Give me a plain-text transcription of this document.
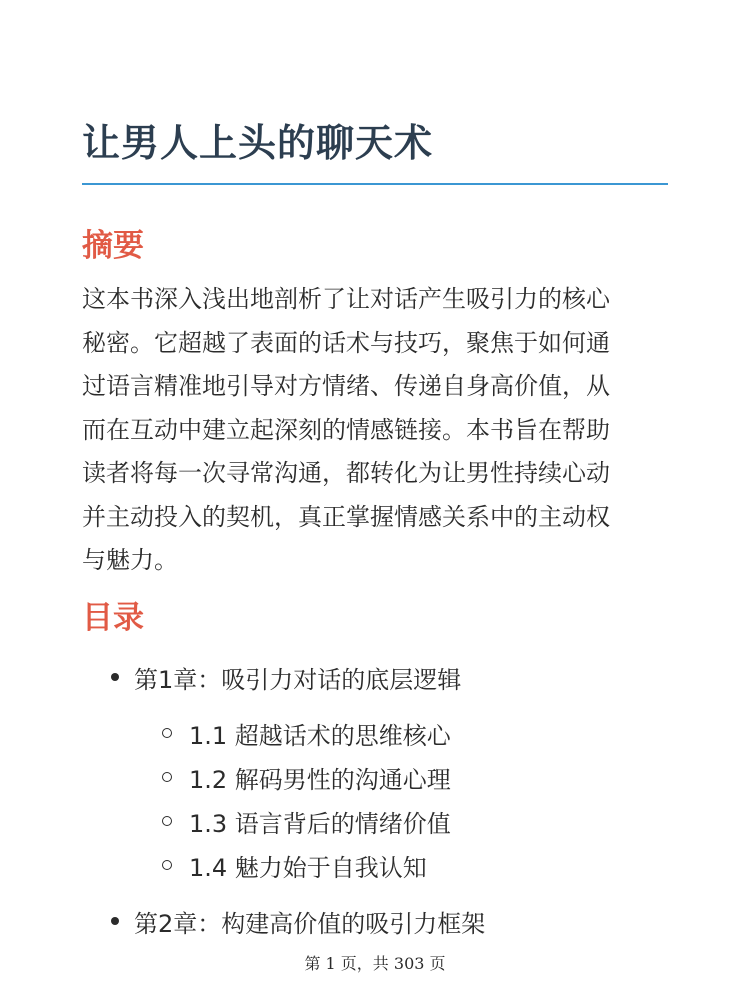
让男人上头的聊天术
摘要
这本书深入浅出地剖析了让对话产生吸引力的核心
秘密。它超越了表面的话术与技巧，聚焦于如何通
过语言精准地引导对方情绪、传递自身高价值，从
而在互动中建立起深刻的情感链接。本书旨在帮助
读者将每一次寻常沟通，都转化为让男性持续心动
并主动投入的契机，真正掌握情感关系中的主动权
与魅力。
目录
第1章：吸引力对话的底层逻辑
1.1 超越话术的思维核心
1.2 解码男性的沟通心理
1.3 语言背后的情绪价值
1.4 魅力始于自我认知
第2章：构建高价值的吸引力框架
第 1 页，共 303 页
